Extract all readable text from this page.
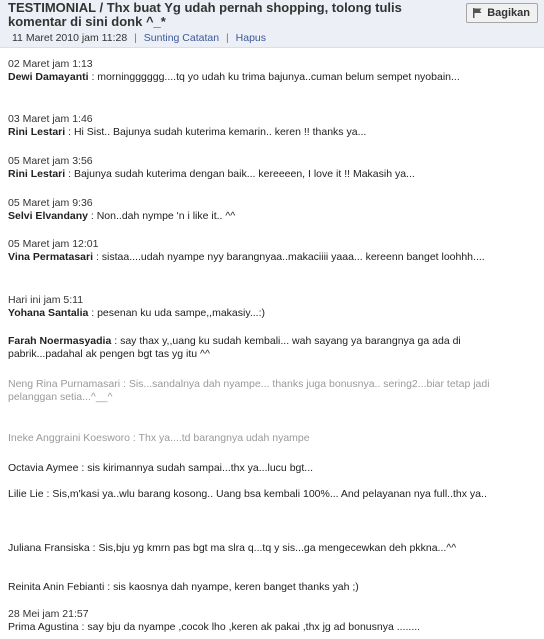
TESTIMONIAL / Thx buat Yg udah pernah shopping, tolong tulis komentar di sini donk ^_*
11 Maret 2010 jam 11:28 | Sunting Catatan | Hapus
Bagikan
02 Maret jam 1:13
Dewi Damayanti : morningggggg....tq yo udah ku trima bajunya..cuman belum sempet nyobain...
03 Maret jam 1:46
Rini Lestari : Hi Sist.. Bajunya sudah kuterima kemarin.. keren !! thanks ya...
05 Maret jam 3:56
Rini Lestari : Bajunya sudah kuterima dengan baik... kereeeen, I love it !! Makasih ya...
05 Maret jam 9:36
Selvi Elvandany : Non..dah nympe 'n i like it.. ^^
05 Maret jam 12:01
Vina Permatasari : sistaa....udah nyampe nyy barangnyaa..makaciiii yaaa... kereenn banget loohhh....
Hari ini jam 5:11
Yohana Santalia : pesenan ku uda sampe,,makasiy...:)
Farah Noermasyadia : say thax y,,uang ku sudah kembali... wah sayang ya barangnya ga ada di pabrik...padahal ak pengen bgt tas yg itu ^^
Neng Rina Purnamasari : Sis...sandalnya dah nyampe... thanks juga bonusnya.. sering2...biar tetap jadi pelanggan setia...^__^
Ineke Anggraini Koesworo : Thx ya....td barangnya udah nyampe
Octavia Aymee : sis kirimannya sudah sampai...thx ya...lucu bgt...
Lilie Lie : Sis,m'kasi ya..wlu barang kosong.. Uang bsa kembali 100%... And pelayanan nya full..thx ya..
Juliana Fransiska : Sis,bju yg kmrn pas bgt ma slra q...tq y sis...ga mengecewkan deh pkkna...^^
Reinita Anin Febianti : sis kaosnya dah nyampe, keren banget thanks yah ;)
28 Mei jam 21:57
Prima Agustina : say bju da nyampe ,cocok lho ,keren ak pakai ,thx jg ad bonusnya ........
